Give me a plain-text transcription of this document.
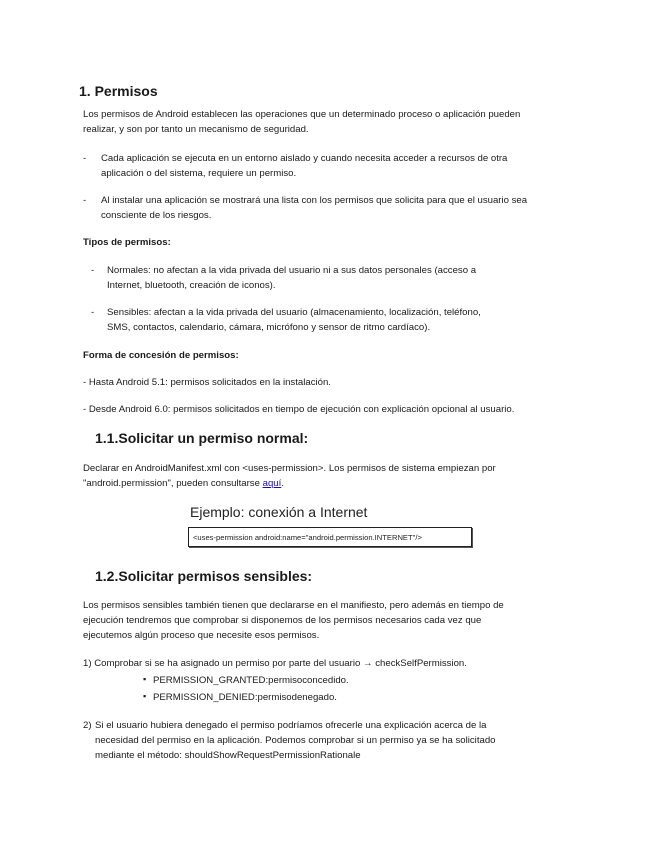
1. Permisos
Los permisos de Android establecen las operaciones que un determinado proceso o aplicación pueden
realizar, y son por tanto un mecanismo de seguridad.
- Cada aplicación se ejecuta en un entorno aislado y cuando necesita acceder a recursos de otra
aplicación o del sistema, requiere un permiso.
- Al instalar una aplicación se mostrará una lista con los permisos que solicita para que el usuario sea
consciente de los riesgos.
Tipos de permisos:
- Normales: no afectan a la vida privada del usuario ni a sus datos personales (acceso a
Internet, bluetooth, creación de iconos).
- Sensibles: afectan a la vida privada del usuario (almacenamiento, localización, teléfono,
SMS, contactos, calendario, cámara, micrófono y sensor de ritmo cardíaco).
Forma de concesión de permisos:
- Hasta Android 5.1: permisos solicitados en la instalación.
- Desde Android 6.0: permisos solicitados en tiempo de ejecución con explicación opcional al usuario.
1.1.Solicitar un permiso normal:
Declarar en AndroidManifest.xml con <uses-permission>. Los permisos de sistema empiezan por
"android.permission", pueden consultarse aquí.
Ejemplo: conexión a Internet
<uses-permission android:name="android.permission.INTERNET"/>
1.2.Solicitar permisos sensibles:
Los permisos sensibles también tienen que declararse en el manifiesto, pero además en tiempo de
ejecución tendremos que comprobar si disponemos de los permisos necesarios cada vez que
ejecutemos algún proceso que necesite esos permisos.
1) Comprobar si se ha asignado un permiso por parte del usuario → checkSelfPermission.
▪ PERMISSION_GRANTED:permisoconcedido.
▪ PERMISSION_DENIED:permisodenegado.
2) Si el usuario hubiera denegado el permiso podríamos ofrecerle una explicación acerca de la
necesidad del permiso en la aplicación. Podemos comprobar si un permiso ya se ha solicitado
mediante el método: shouldShowRequestPermissionRationale
